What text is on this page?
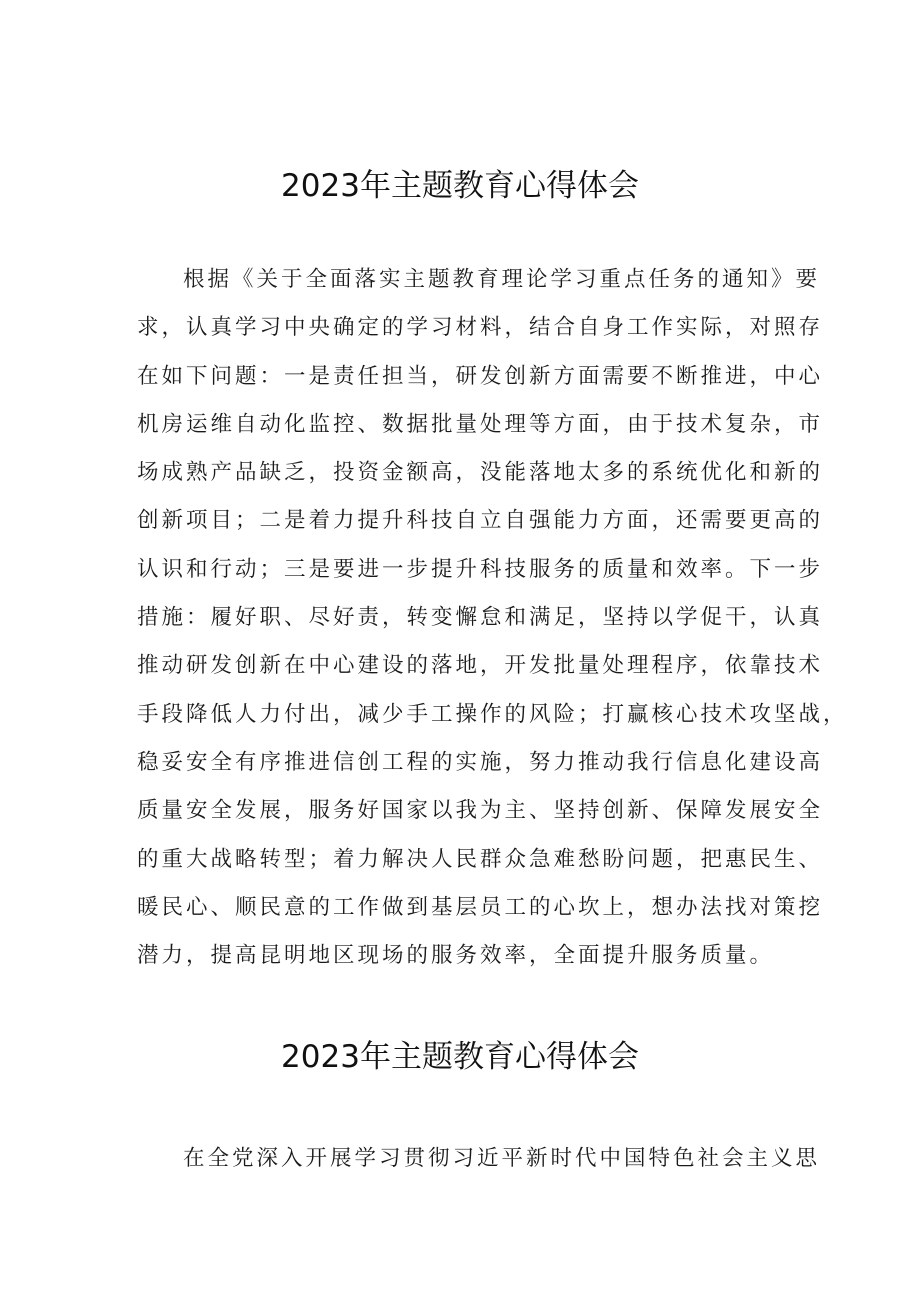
2023年主题教育心得体会
根据《关于全面落实主题教育理论学习重点任务的通知》要
求，认真学习中央确定的学习材料，结合自身工作实际，对照存
在如下问题：一是责任担当，研发创新方面需要不断推进，中心
机房运维自动化监控、数据批量处理等方面，由于技术复杂，市
场成熟产品缺乏，投资金额高，没能落地太多的系统优化和新的
创新项目；二是着力提升科技自立自强能力方面，还需要更高的
认识和行动；三是要进一步提升科技服务的质量和效率。下一步
措施：履好职、尽好责，转变懈怠和满足，坚持以学促干，认真
推动研发创新在中心建设的落地，开发批量处理程序，依靠技术
手段降低人力付出，减少手工操作的风险；打赢核心技术攻坚战，
稳妥安全有序推进信创工程的实施，努力推动我行信息化建设高
质量安全发展，服务好国家以我为主、坚持创新、保障发展安全
的重大战略转型；着力解决人民群众急难愁盼问题，把惠民生、
暖民心、顺民意的工作做到基层员工的心坎上，想办法找对策挖
潜力，提高昆明地区现场的服务效率，全面提升服务质量。
2023年主题教育心得体会
在全党深入开展学习贯彻习近平新时代中国特色社会主义思
